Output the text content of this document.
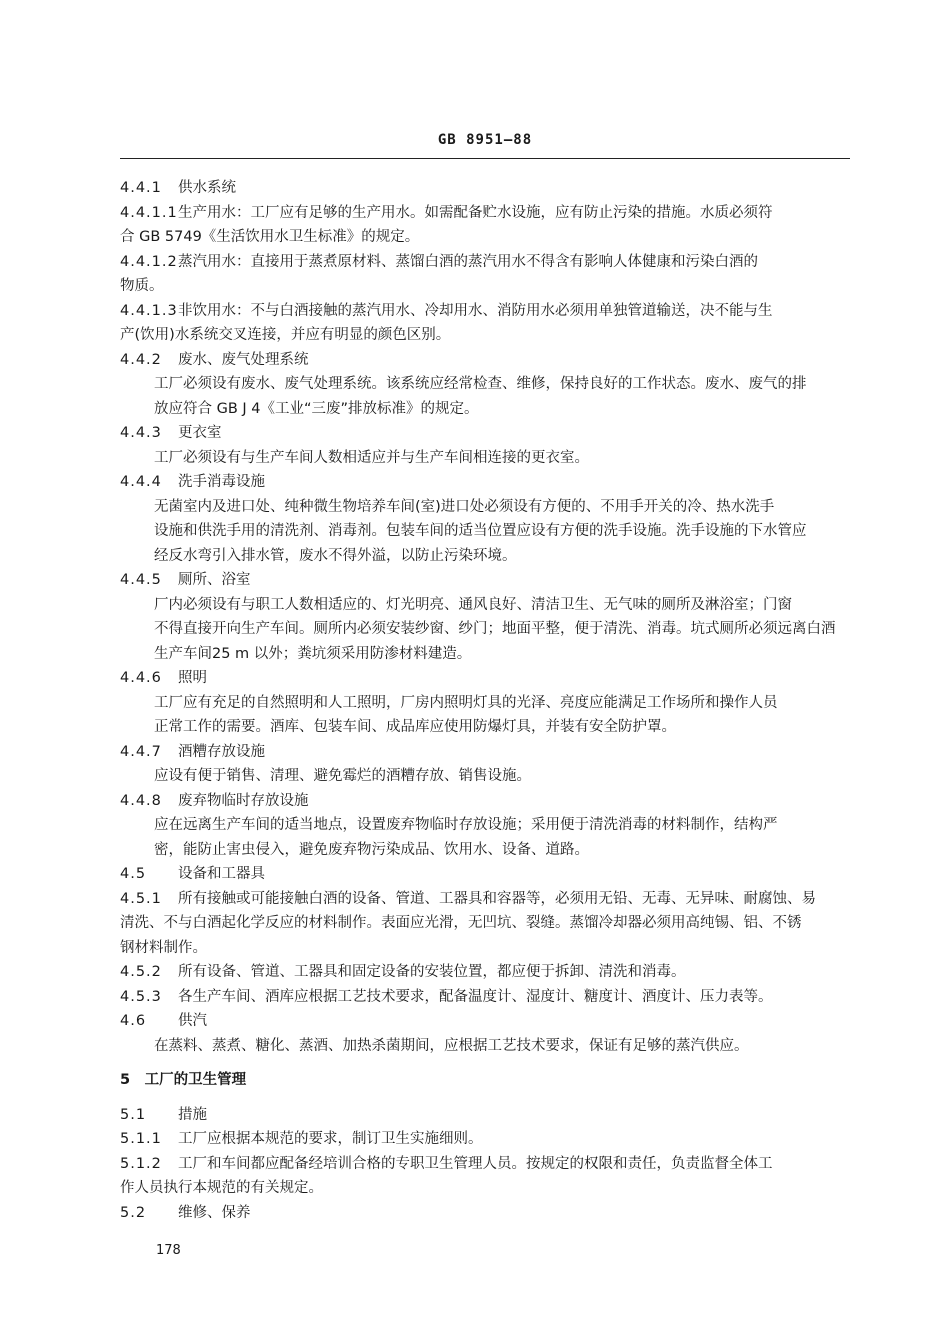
GB 8951—88
4.4.1 供水系统
4.4.1.1生产用水：工厂应有足够的生产用水。如需配备贮水设施，应有防止污染的措施。水质必须符
合 GB 5749《生活饮用水卫生标准》的规定。
4.4.1.2蒸汽用水：直接用于蒸煮原材料、蒸馏白酒的蒸汽用水不得含有影响人体健康和污染白酒的
物质。
4.4.1.3非饮用水：不与白酒接触的蒸汽用水、冷却用水、消防用水必须用单独管道输送，决不能与生
产(饮用)水系统交叉连接，并应有明显的颜色区别。
4.4.2 废水、废气处理系统
工厂必须设有废水、废气处理系统。该系统应经常检查、维修，保持良好的工作状态。废水、废气的排
放应符合 GB J 4《工业“三废”排放标准》的规定。
4.4.3 更衣室
工厂必须设有与生产车间人数相适应并与生产车间相连接的更衣室。
4.4.4 洗手消毒设施
无菌室内及进口处、纯种微生物培养车间(室)进口处必须设有方便的、不用手开关的冷、热水洗手
设施和供洗手用的清洗剂、消毒剂。包装车间的适当位置应设有方便的洗手设施。洗手设施的下水管应
经反水弯引入排水管，废水不得外溢，以防止污染环境。
4.4.5 厕所、浴室
厂内必须设有与职工人数相适应的、灯光明亮、通风良好、清洁卫生、无气味的厕所及淋浴室；门窗
不得直接开向生产车间。厕所内必须安装纱窗、纱门；地面平整，便于清洗、消毒。坑式厕所必须远离白酒
生产车间25 m 以外；粪坑须采用防渗材料建造。
4.4.6 照明
工厂应有充足的自然照明和人工照明，厂房内照明灯具的光泽、亮度应能满足工作场所和操作人员
正常工作的需要。酒库、包装车间、成品库应使用防爆灯具，并装有安全防护罩。
4.4.7 酒糟存放设施
应设有便于销售、清理、避免霉烂的酒糟存放、销售设施。
4.4.8 废弃物临时存放设施
应在远离生产车间的适当地点，设置废弃物临时存放设施；采用便于清洗消毒的材料制作，结构严
密，能防止害虫侵入，避免废弃物污染成品、饮用水、设备、道路。
4.5 设备和工器具
4.5.1 所有接触或可能接触白酒的设备、管道、工器具和容器等，必须用无铅、无毒、无异味、耐腐蚀、易
清洗、不与白酒起化学反应的材料制作。表面应光滑，无凹坑、裂缝。蒸馏冷却器必须用高纯锡、铝、不锈
钢材料制作。
4.5.2 所有设备、管道、工器具和固定设备的安装位置，都应便于拆卸、清洗和消毒。
4.5.3 各生产车间、酒库应根据工艺技术要求，配备温度计、湿度计、糖度计、酒度计、压力表等。
4.6 供汽
在蒸料、蒸煮、糖化、蒸酒、加热杀菌期间，应根据工艺技术要求，保证有足够的蒸汽供应。
5　工厂的卫生管理
5.1 措施
5.1.1 工厂应根据本规范的要求，制订卫生实施细则。
5.1.2 工厂和车间都应配备经培训合格的专职卫生管理人员。按规定的权限和责任，负责监督全体工
作人员执行本规范的有关规定。
5.2 维修、保养
178
